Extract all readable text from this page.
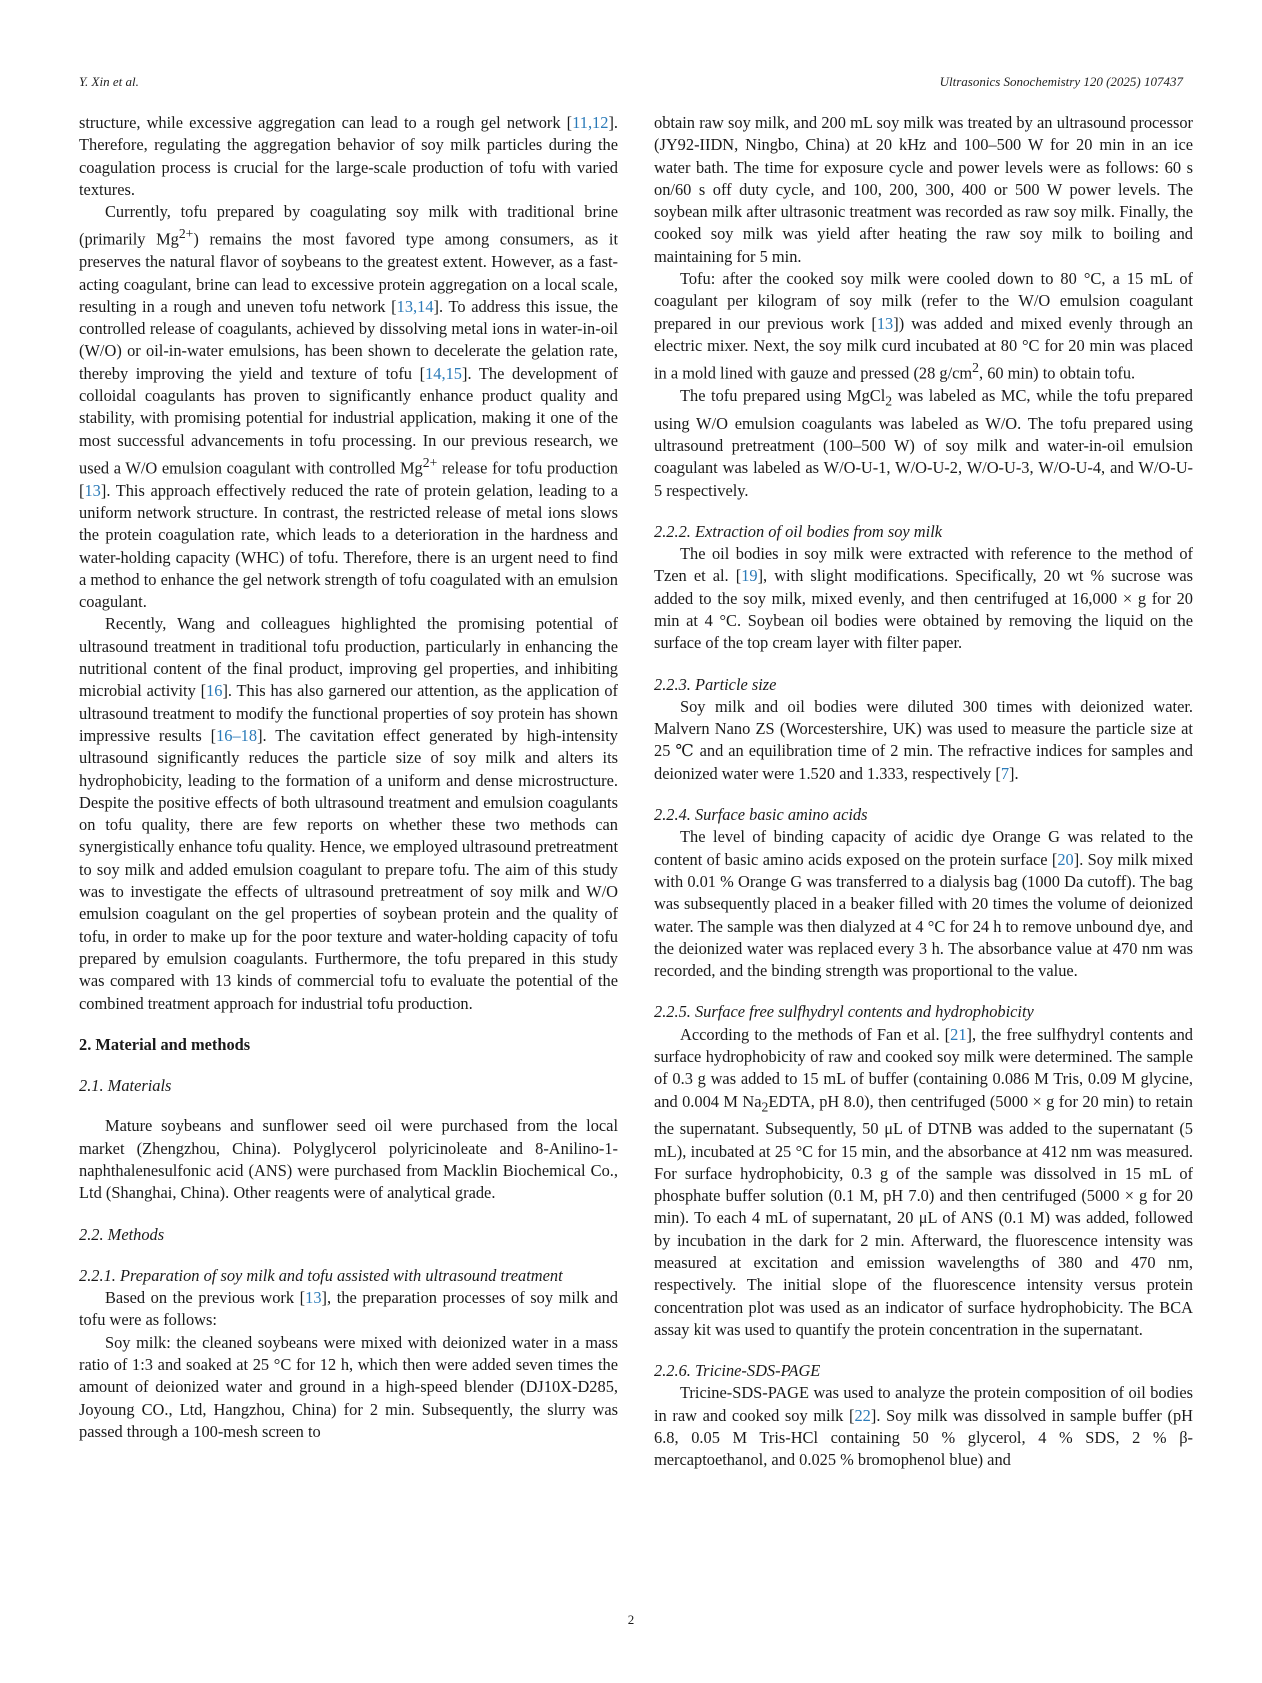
Y. Xin et al.	Ultrasonics Sonochemistry 120 (2025) 107437

structure, while excessive aggregation can lead to a rough gel network [11,12]. Therefore, regulating the aggregation behavior of soy milk particles during the coagulation process is crucial for the large-scale production of tofu with varied textures.

Currently, tofu prepared by coagulating soy milk with traditional brine (primarily $Mg^{2+}$) remains the most favored type among consumers, as it preserves the natural flavor of soybeans to the greatest extent. However, as a fast-acting coagulant, brine can lead to excessive protein aggregation on a local scale, resulting in a rough and uneven tofu network [13,14]. To address this issue, the controlled release of coagulants, achieved by dissolving metal ions in water-in-oil (W/O) or oil-in-water emulsions, has been shown to decelerate the gelation rate, thereby improving the yield and texture of tofu [14,15]. The development of colloidal coagulants has proven to significantly enhance product quality and stability, with promising potential for industrial application, making it one of the most successful advancements in tofu processing. In our previous research, we used a W/O emulsion coagulant with controlled $Mg^{2+}$ release for tofu production [13]. This approach effectively reduced the rate of protein gelation, leading to a uniform network structure. In contrast, the restricted release of metal ions slows the protein coagulation rate, which leads to a deterioration in the hardness and water-holding capacity (WHC) of tofu. Therefore, there is an urgent need to find a method to enhance the gel network strength of tofu coagulated with an emulsion coagulant.

Recently, Wang and colleagues highlighted the promising potential of ultrasound treatment in traditional tofu production, particularly in enhancing the nutritional content of the final product, improving gel properties, and inhibiting microbial activity [16]. This has also garnered our attention, as the application of ultrasound treatment to modify the functional properties of soy protein has shown impressive results [16–18]. The cavitation effect generated by high-intensity ultrasound significantly reduces the particle size of soy milk and alters its hydrophobicity, leading to the formation of a uniform and dense microstructure. Despite the positive effects of both ultrasound treatment and emulsion coagulants on tofu quality, there are few reports on whether these two methods can synergistically enhance tofu quality. Hence, we employed ultrasound pretreatment to soy milk and added emulsion coagulant to prepare tofu. The aim of this study was to investigate the effects of ultrasound pretreatment of soy milk and W/O emulsion coagulant on the gel properties of soybean protein and the quality of tofu, in order to make up for the poor texture and water-holding capacity of tofu prepared by emulsion coagulants. Furthermore, the tofu prepared in this study was compared with 13 kinds of commercial tofu to evaluate the potential of the combined treatment approach for industrial tofu production.

2. Material and methods
2.1. Materials

Mature soybeans and sunflower seed oil were purchased from the local market (Zhengzhou, China). Polyglycerol polyricinoleate and 8-Anilino-1-naphthalenesulfonic acid (ANS) were purchased from Macklin Biochemical Co., Ltd (Shanghai, China). Other reagents were of analytical grade.

2.2. Methods
2.2.1. Preparation of soy milk and tofu assisted with ultrasound treatment

Based on the previous work [13], the preparation processes of soy milk and tofu were as follows:

Soy milk: the cleaned soybeans were mixed with deionized water in a mass ratio of 1:3 and soaked at 25 °C for 12 h, which then were added seven times the amount of deionized water and ground in a high-speed blender (DJ10X-D285, Joyoung CO., Ltd, Hangzhou, China) for 2 min. Subsequently, the slurry was passed through a 100-mesh screen to

obtain raw soy milk, and 200 mL soy milk was treated by an ultrasound processor (JY92-IIDN, Ningbo, China) at 20 kHz and 100–500 W for 20 min in an ice water bath. The time for exposure cycle and power levels were as follows: 60 s on/60 s off duty cycle, and 100, 200, 300, 400 or 500 W power levels. The soybean milk after ultrasonic treatment was recorded as raw soy milk. Finally, the cooked soy milk was yield after heating the raw soy milk to boiling and maintaining for 5 min.

Tofu: after the cooked soy milk were cooled down to 80 °C, a 15 mL of coagulant per kilogram of soy milk (refer to the W/O emulsion coagulant prepared in our previous work [13]) was added and mixed evenly through an electric mixer. Next, the soy milk curd incubated at 80 °C for 20 min was placed in a mold lined with gauze and pressed (28 $g/cm^2$, 60 min) to obtain tofu.

The tofu prepared using MgCl$_2$ was labeled as MC, while the tofu prepared using W/O emulsion coagulants was labeled as W/O. The tofu prepared using ultrasound pretreatment (100–500 W) of soy milk and water-in-oil emulsion coagulant was labeled as W/O-U-1, W/O-U-2, W/O-U-3, W/O-U-4, and W/O-U-5 respectively.

2.2.2. Extraction of oil bodies from soy milk

The oil bodies in soy milk were extracted with reference to the method of Tzen et al. [19], with slight modifications. Specifically, 20 wt % sucrose was added to the soy milk, mixed evenly, and then centrifuged at 16,000 × g for 20 min at 4 °C. Soybean oil bodies were obtained by removing the liquid on the surface of the top cream layer with filter paper.

2.2.3. Particle size

Soy milk and oil bodies were diluted 300 times with deionized water. Malvern Nano ZS (Worcestershire, UK) was used to measure the particle size at 25 ℃ and an equilibration time of 2 min. The refractive indices for samples and deionized water were 1.520 and 1.333, respectively [7].

2.2.4. Surface basic amino acids

The level of binding capacity of acidic dye Orange G was related to the content of basic amino acids exposed on the protein surface [20]. Soy milk mixed with 0.01 % Orange G was transferred to a dialysis bag (1000 Da cutoff). The bag was subsequently placed in a beaker filled with 20 times the volume of deionized water. The sample was then dialyzed at 4 °C for 24 h to remove unbound dye, and the deionized water was replaced every 3 h. The absorbance value at 470 nm was recorded, and the binding strength was proportional to the value.

2.2.5. Surface free sulfhydryl contents and hydrophobicity

According to the methods of Fan et al. [21], the free sulfhydryl contents and surface hydrophobicity of raw and cooked soy milk were determined. The sample of 0.3 g was added to 15 mL of buffer (containing 0.086 M Tris, 0.09 M glycine, and 0.004 M $Na_2EDTA$, pH 8.0), then centrifuged (5000 × g for 20 min) to retain the supernatant. Subsequently, 50 μL of DTNB was added to the supernatant (5 mL), incubated at 25 °C for 15 min, and the absorbance at 412 nm was measured. For surface hydrophobicity, 0.3 g of the sample was dissolved in 15 mL of phosphate buffer solution (0.1 M, pH 7.0) and then centrifuged (5000 × g for 20 min). To each 4 mL of supernatant, 20 μL of ANS (0.1 M) was added, followed by incubation in the dark for 2 min. Afterward, the fluorescence intensity was measured at excitation and emission wavelengths of 380 and 470 nm, respectively. The initial slope of the fluorescence intensity versus protein concentration plot was used as an indicator of surface hydrophobicity. The BCA assay kit was used to quantify the protein concentration in the supernatant.

2.2.6. Tricine-SDS-PAGE

Tricine-SDS-PAGE was used to analyze the protein composition of oil bodies in raw and cooked soy milk [22]. Soy milk was dissolved in sample buffer (pH 6.8, 0.05 M Tris-HCl containing 50 % glycerol, 4 % SDS, 2 % β-mercaptoethanol, and 0.025 % bromophenol blue) and

2
